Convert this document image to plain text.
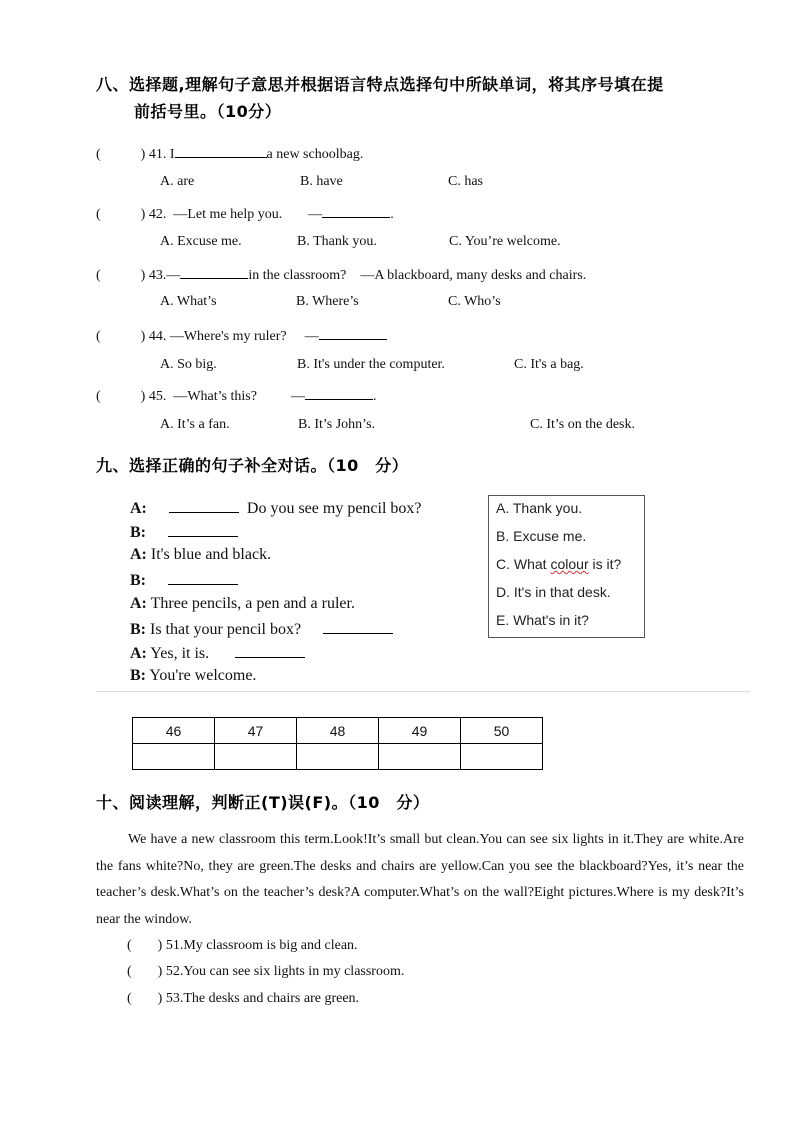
八、选择题,理解句子意思并根据语言特点选择句中所缺单词，将其序号填在提
前括号里。（10分）
(	) 41. I	a new schoolbag.
A. are	B. have	C. has
(	) 42. —Let me help you. —	.
A. Excuse me.	B. Thank you.	C. You’re welcome.
(	) 43.—	in the classroom? —A blackboard, many desks and chairs.
A. What’s	B. Where’s	C. Who’s
(	) 44. —Where's my ruler? —
A. So big.	B. It's under the computer.	C. It's a bag.
(	) 45. —What’s this? —	.
A. It’s a fan.	B. It’s John’s.	C. It’s on the desk.
九、选择正确的句子补全对话。（10　分）
A:	Do you see my pencil box?
B:
A: It's blue and black.
B:
A: Three pencils, a pen and a ruler.
B: Is that your pencil box?
A: Yes, it is.
B: You're welcome.
A. Thank you.
B. Excuse me.
C. What colour is it?
D. It's in that desk.
E. What's in it?
46	47	48	49	50

十、阅读理解，判断正(T)误(F)。（10　分）
We have a new classroom this term.Look!It’s small but clean.You can see six lights in it.They are white.Are the fans white?No, they are green.The desks and chairs are yellow.Can you see the blackboard?Yes, it’s near the teacher’s desk.What’s on the teacher’s desk?A computer.What’s on the wall?Eight pictures.Where is my desk?It’s near the window.
( ) 51.My classroom is big and clean.
( ) 52.You can see six lights in my classroom.
( ) 53.The desks and chairs are green.
